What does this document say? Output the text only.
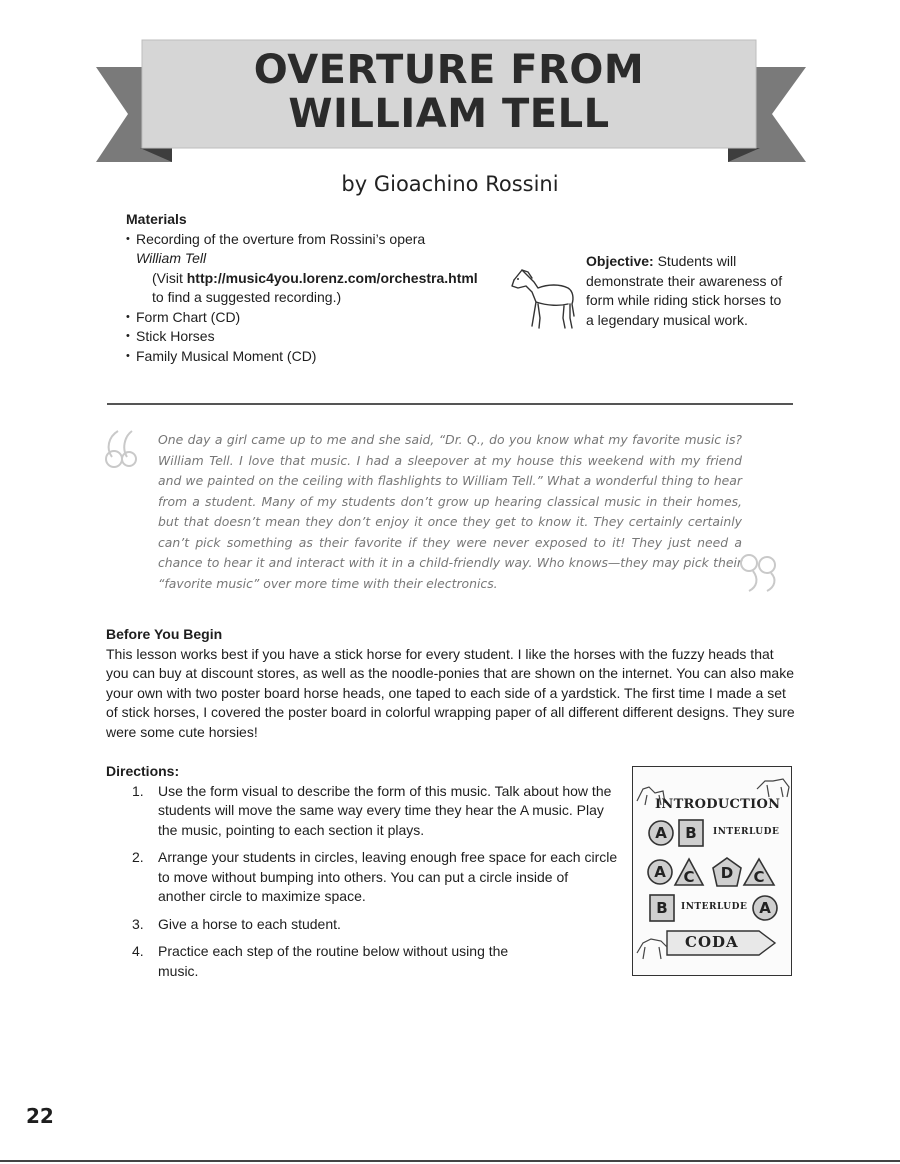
OVERTURE FROM
WILLIAM TELL
by Gioachino Rossini
Materials
• Recording of the overture from Rossini’s opera
William Tell
(Visit http://music4you.lorenz.com/orchestra.html
to find a suggested recording.)
• Form Chart (CD)
• Stick Horses
• Family Musical Moment (CD)
Objective: Students will demonstrate their awareness of form while riding stick horses to a legendary musical work.
One day a girl came up to me and she said, “Dr. Q., do you know what my favorite music is? William Tell. I love that music. I had a sleepover at my house this weekend with my friend and we painted on the ceiling with flashlights to William Tell.” What a wonderful thing to hear from a student. Many of my students don’t grow up hearing classical music in their homes, but that doesn’t mean they don’t enjoy it once they get to know it. They certainly certainly can’t pick something as their favorite if they were never exposed to it! They just need a chance to hear it and interact with it in a child-friendly way. Who knows—they may pick their “favorite music” over more time with their electronics.
Before You Begin
This lesson works best if you have a stick horse for every student. I like the horses with the fuzzy heads that you can buy at discount stores, as well as the noodle-ponies that are shown on the internet. You can also make your own with two poster board horse heads, one taped to each side of a yardstick. The first time I made a set of stick horses, I covered the poster board in colorful wrapping paper of all different different designs. They sure were some cute horsies!
Directions:
1. Use the form visual to describe the form of this music. Talk about how the students will move the same way every time they hear the A music. Play the music, pointing to each section it plays.
2. Arrange your students in circles, leaving enough free space for each circle to move without bumping into others. You can put a circle inside of another circle to maximize space.
3. Give a horse to each student.
4. Practice each step of the routine below without using the music.
INTRODUCTION
A	B	INTERLUDE
A	C	D	C
B	INTERLUDE A
CODA
22
